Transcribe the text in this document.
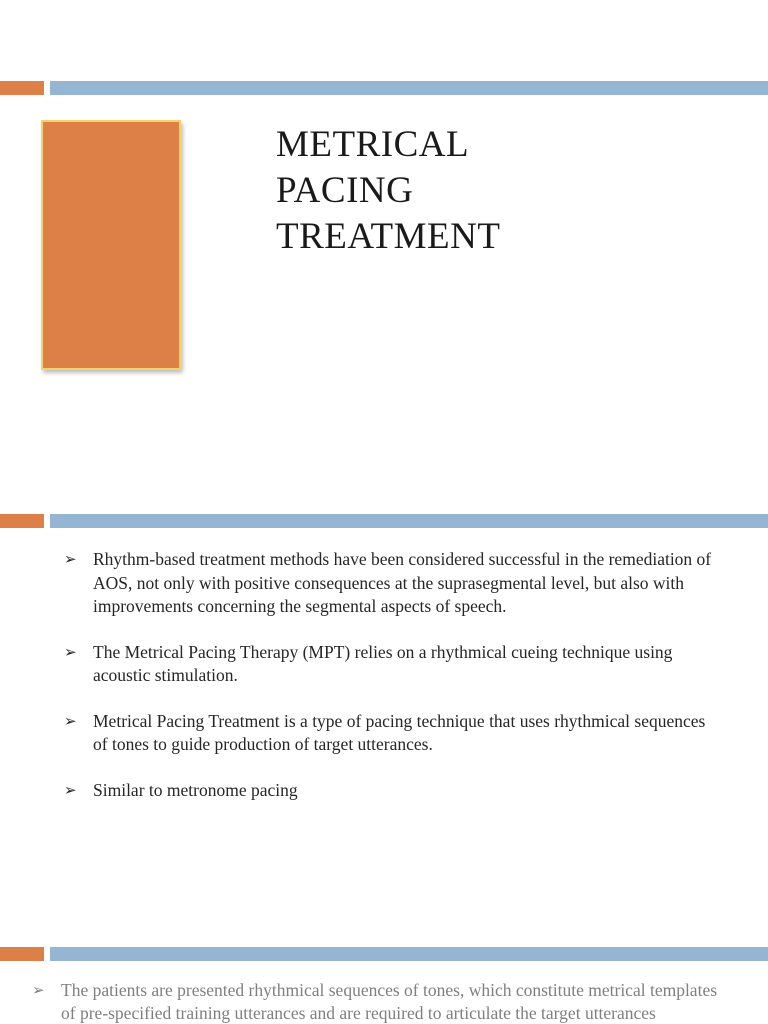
METRICAL
PACING
TREATMENT
➢ Rhythm-based treatment methods have been considered successful in the remediation of AOS, not only with positive consequences at the suprasegmental level, but also with improvements concerning the segmental aspects of speech.
➢ The Metrical Pacing Therapy (MPT) relies on a rhythmical cueing technique using acoustic stimulation.
➢ Metrical Pacing Treatment is a type of pacing technique that uses rhythmical sequences of tones to guide production of target utterances.
➢ Similar to metronome pacing
➢ The patients are presented rhythmical sequences of tones, which constitute metrical templates
of pre-specified training utterances and are required to articulate the target utterances
